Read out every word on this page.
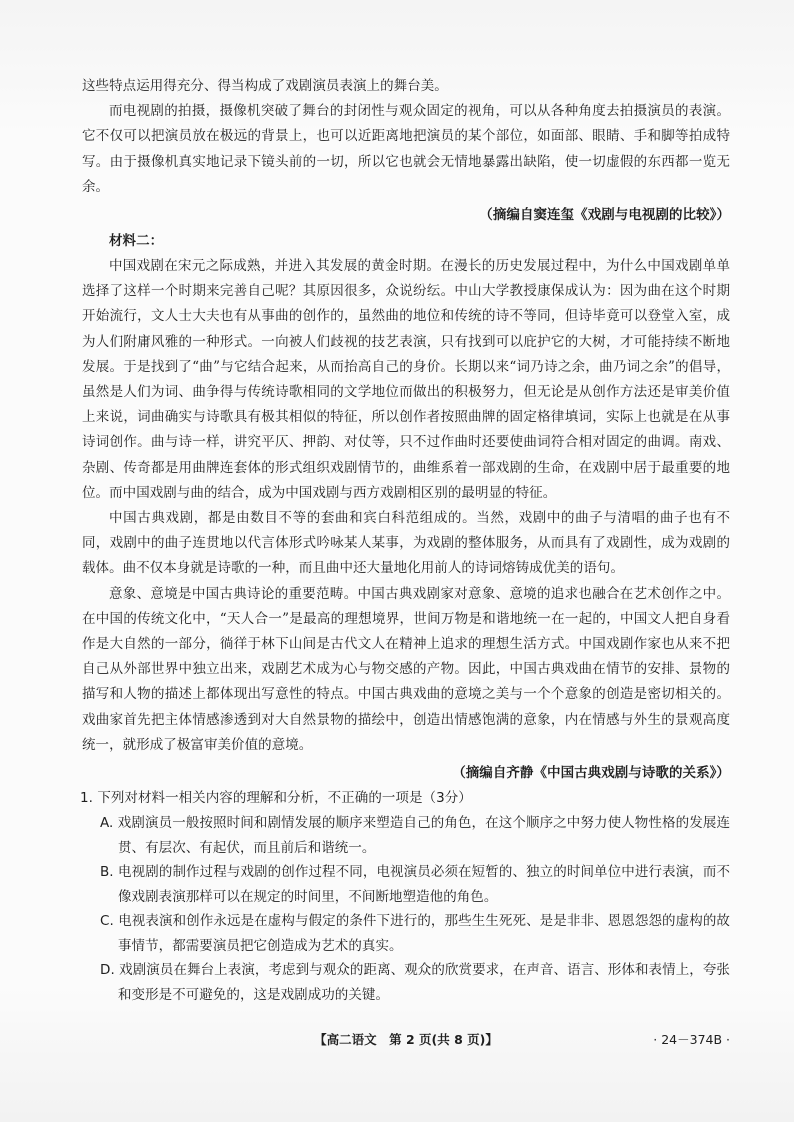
这些特点运用得充分、得当构成了戏剧演员表演上的舞台美。

而电视剧的拍摄，摄像机突破了舞台的封闭性与观众固定的视角，可以从各种角度去拍摄演员的表演。它不仅可以把演员放在极远的背景上，也可以近距离地把演员的某个部位，如面部、眼睛、手和脚等拍成特写。由于摄像机真实地记录下镜头前的一切，所以它也就会无情地暴露出缺陷，使一切虚假的东西都一览无余。

（摘编自窦连玺《戏剧与电视剧的比较》）

材料二：

中国戏剧在宋元之际成熟，并进入其发展的黄金时期。在漫长的历史发展过程中，为什么中国戏剧单单选择了这样一个时期来完善自己呢？其原因很多，众说纷纭。中山大学教授康保成认为：因为曲在这个时期开始流行，文人士大夫也有从事曲的创作的，虽然曲的地位和传统的诗不等同，但诗毕竟可以登堂入室，成为人们附庸风雅的一种形式。一向被人们歧视的技艺表演，只有找到可以庇护它的大树，才可能持续不断地发展。于是找到了“曲”与它结合起来，从而抬高自己的身价。长期以来“词乃诗之余，曲乃词之余”的倡导，虽然是人们为词、曲争得与传统诗歌相同的文学地位而做出的积极努力，但无论是从创作方法还是审美价值上来说，词曲确实与诗歌具有极其相似的特征，所以创作者按照曲牌的固定格律填词，实际上也就是在从事诗词创作。曲与诗一样，讲究平仄、押韵、对仗等，只不过作曲时还要使曲词符合相对固定的曲调。南戏、杂剧、传奇都是用曲牌连套体的形式组织戏剧情节的，曲维系着一部戏剧的生命，在戏剧中居于最重要的地位。而中国戏剧与曲的结合，成为中国戏剧与西方戏剧相区别的最明显的特征。

中国古典戏剧，都是由数目不等的套曲和宾白科范组成的。当然，戏剧中的曲子与清唱的曲子也有不同，戏剧中的曲子连贯地以代言体形式吟咏某人某事，为戏剧的整体服务，从而具有了戏剧性，成为戏剧的载体。曲不仅本身就是诗歌的一种，而且曲中还大量地化用前人的诗词熔铸成优美的语句。

意象、意境是中国古典诗论的重要范畴。中国古典戏剧家对意象、意境的追求也融合在艺术创作之中。在中国的传统文化中，“天人合一”是最高的理想境界，世间万物是和谐地统一在一起的，中国文人把自身看作是大自然的一部分，徜徉于林下山间是古代文人在精神上追求的理想生活方式。中国戏剧作家也从来不把自己从外部世界中独立出来，戏剧艺术成为心与物交感的产物。因此，中国古典戏曲在情节的安排、景物的描写和人物的描述上都体现出写意性的特点。中国古典戏曲的意境之美与一个个意象的创造是密切相关的。戏曲家首先把主体情感渗透到对大自然景物的描绘中，创造出情感饱满的意象，内在情感与外生的景观高度统一，就形成了极富审美价值的意境。

（摘编自齐静《中国古典戏剧与诗歌的关系》）

1. 下列对材料一相关内容的理解和分析，不正确的一项是（3分）

A. 戏剧演员一般按照时间和剧情发展的顺序来塑造自己的角色，在这个顺序之中努力使人物性格的发展连贯、有层次、有起伏，而且前后和谐统一。

B. 电视剧的制作过程与戏剧的创作过程不同，电视演员必须在短暂的、独立的时间单位中进行表演，而不像戏剧表演那样可以在规定的时间里，不间断地塑造他的角色。

C. 电视表演和创作永远是在虚构与假定的条件下进行的，那些生生死死、是是非非、恩恩怨怨的虚构的故事情节，都需要演员把它创造成为艺术的真实。

D. 戏剧演员在舞台上表演，考虑到与观众的距离、观众的欣赏要求，在声音、语言、形体和表情上，夸张和变形是不可避免的，这是戏剧成功的关键。

【高二语文　第 2 页(共 8 页)】	· 24－374B ·
